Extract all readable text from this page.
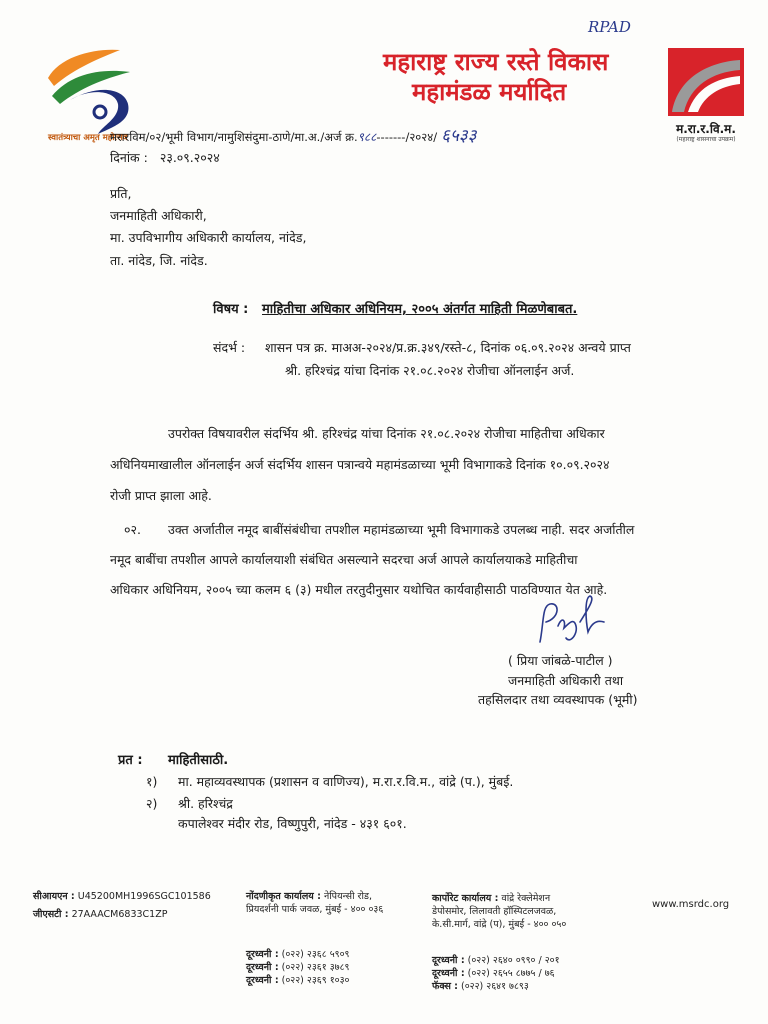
RPAD
स्वातंत्र्याचा अमृत महोत्सव
महाराष्ट्र राज्य रस्ते विकास
महामंडळ मर्यादित
म.रा.र.वि.म.
(महाराष्ट्र शासनाचा उपक्रम)
मरारविम/०२/भूमी विभाग/नामुशिसंदुमा-ठाणे/मा.अ./अर्ज क्र.९८८-------/२०२४/ ६५३३
दिनांक : २३.०९.२०२४
प्रति,
जनमाहिती अधिकारी,
मा. उपविभागीय अधिकारी कार्यालय, नांदेड,
ता. नांदेड, जि. नांदेड.
विषय : माहितीचा अधिकार अधिनियम, २००५ अंतर्गत माहिती मिळणेबाबत.
संदर्भ : शासन पत्र क्र. माअअ-२०२४/प्र.क्र.३४९/रस्ते-८, दिनांक ०६.०९.२०२४ अन्वये प्राप्त
श्री. हरिश्चंद्र यांचा दिनांक २१.०८.२०२४ रोजीचा ऑनलाईन अर्ज.
उपरोक्त विषयावरील संदर्भिय श्री. हरिश्चंद्र यांचा दिनांक २१.०८.२०२४ रोजीचा माहितीचा अधिकार
अधिनियमाखालील ऑनलाईन अर्ज संदर्भिय शासन पत्रान्वये महामंडळाच्या भूमी विभागाकडे दिनांक १०.०९.२०२४
रोजी प्राप्त झाला आहे.
०२. उक्त अर्जातील नमूद बाबींसंबंधीचा तपशील महामंडळाच्या भूमी विभागाकडे उपलब्ध नाही. सदर अर्जातील
नमूद बाबींचा तपशील आपले कार्यालयाशी संबंधित असल्याने सदरचा अर्ज आपले कार्यालयाकडे माहितीचा
अधिकार अधिनियम, २००५ च्या कलम ६ (३) मधील तरतुदीनुसार यथोचित कार्यवाहीसाठी पाठविण्यात येत आहे.
( प्रिया जांबळे-पाटील )
जनमाहिती अधिकारी तथा
तहसिलदार तथा व्यवस्थापक (भूमी)
प्रत : माहितीसाठी.
१) मा. महाव्यवस्थापक (प्रशासन व वाणिज्य), म.रा.र.वि.म., वांद्रे (प.), मुंबई.
२) श्री. हरिश्चंद्र
कपालेश्वर मंदीर रोड, विष्णुपुरी, नांदेड - ४३१ ६०१.
सीआयएन : U45200MH1996SGC101586
जीएसटी : 27AAACM6833C1ZP
नोंदणीकृत कार्यालय : नेपियन्सी रोड,
प्रियदर्शनी पार्क जवळ, मुंबई - ४०० ०३६
कार्पोरेट कार्यालय : वांद्रे रेक्लेमेशन
डेपोसमोर, लिलावती हॉस्पिटलजवळ,
के.सी.मार्ग, वांद्रे (प), मुंबई - ४०० ०५०
www.msrdc.org
दूरध्वनी : (०२२) २३६८ ५९०९
दूरध्वनी : (०२२) २३६१ ३७८९
दूरध्वनी : (०२२) २३६९ १०३०
दूरध्वनी : (०२२) २६४० ०९९० / २०१
दूरध्वनी : (०२२) २६५५ ८७७५ / ७६
फॅक्स : (०२२) २६४१ ७८९३
